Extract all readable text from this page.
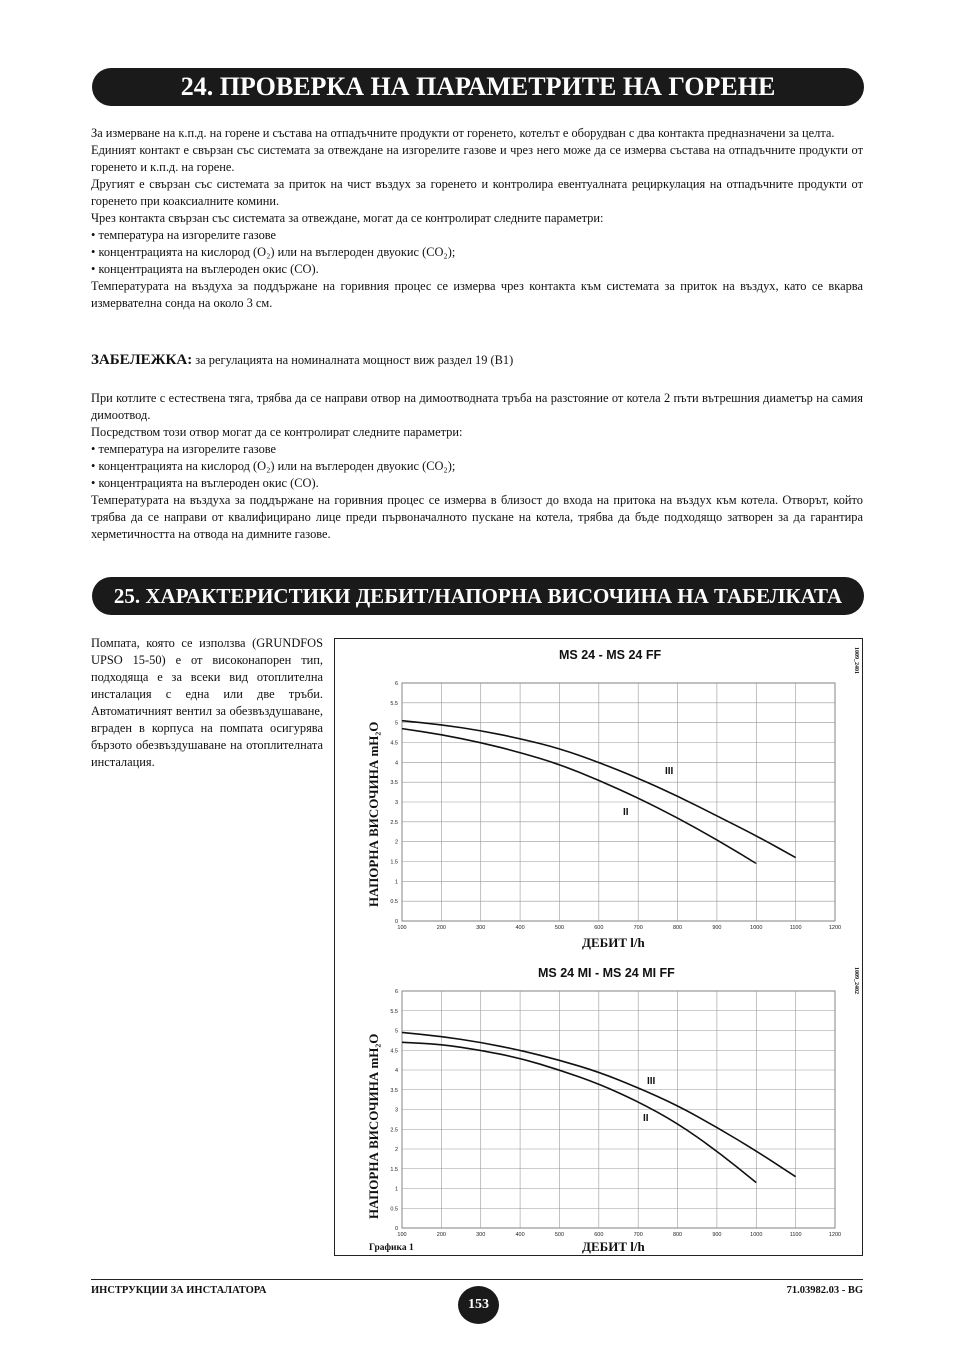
24. ПРОВЕРКА НА ПАРАМЕТРИТЕ НА ГОРЕНЕ

За измерване на к.п.д. на горене и състава на отпадъчните продукти от горенето, котелът е оборудван с два контакта предназначени за целта.

Единият контакт е свързан със системата за отвеждане на изгорелите газове и чрез него може да се измерва състава на отпадъчните продукти от горенето и к.п.д. на горене.

Другият е свързан със системата за приток на чист въздух за горенето и контролира евентуалната рециркулация на отпадъчните продукти от горенето при коаксиалните комини.

Чрез контакта свързан със системата за отвеждане, могат да се контролират следните параметри:

• температура на изгорелите газове
• концентрацията на кислород (O₂) или на въглероден двуокис (CO₂);
• концентрацията на въглероден окис (CO).

Температурата на въздуха за поддържане на горивния процес се измерва чрез контакта към системата за приток на въздух, като се вкарва измервателна сонда на около 3 см.

ЗАБЕЛЕЖКА: за регулацията на номиналната мощност виж раздел 19 (B1)

При котлите с естествена тяга, трябва да се направи отвор на димоотводната тръба на разстояние от котела 2 пъти вътрешния диаметър на самия димоотвод.

Посредством този отвор могат да се контролират следните параметри:

• температура на изгорелите газове
• концентрацията на кислород (O₂) или на въглероден двуокис (CO₂);
• концентрацията на въглероден окис (CO).

Температурата на въздуха за поддържане на горивния процес се измерва в близост до входа на притока на въздух към котела. Отворът, който трябва да се направи от квалифицирано лице преди първоначалното пускане на котела, трябва да бъде подходящо затворен за да гарантира херметичността на отвода на димните газове.

25. ХАРАКТЕРИСТИКИ ДЕБИТ/НАПОРНА ВИСОЧИНА НА ТАБЕЛКАТА

Помпата, която се използва (GRUNDFOS UPSO 15-50) е от високонапорен тип, подходяща е за всеки вид отоплителна инсталация с една или две тръби. Автоматичният вентил за обезвъздушаване, вграден в корпуса на помпата осигурява бързото обезвъздушаване на отоплителната инсталация.

MS 24 - MS 24 FF	1009_2401
НАПОРНА ВИСОЧИНА mH₂O
ДЕБИТ l/h
MS 24 MI - MS 24 MI FF	1009_2402
НАПОРНА ВИСОЧИНА mH₂O
ДЕБИТ l/h
Графика 1
100	200	300	400	500	600	700	800	900	1000	1100	1200
0
0.5
1
1.5
2
2.5
3
3.5
4
4.5
5
5.5
6
III
II
100	200	300	400	500	600	700	800	900	1000	1100	1200
0
0.5
1
1.5
2
2.5
3
3.5
4
4.5
5
5.5
6
III
II
ИНСТРУКЦИИ ЗА ИНСТАЛАТОРА
153
71.03982.03 - BG
